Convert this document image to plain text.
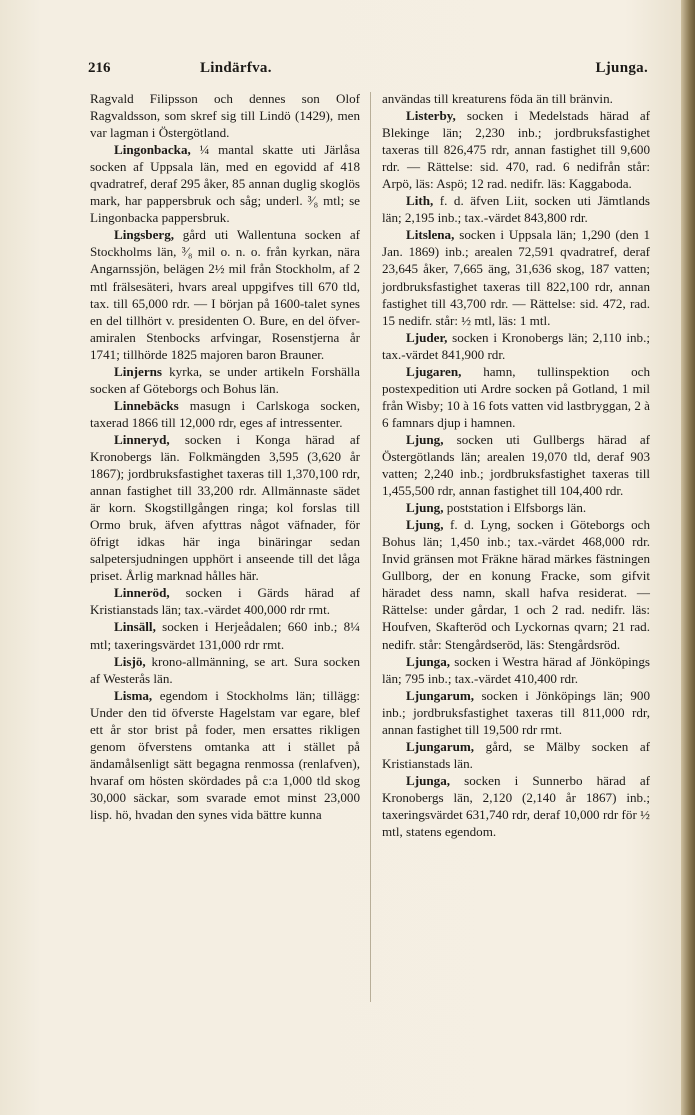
216	Lindärfva.	Ljunga.

Ragvald Filipsson och dennes son Olof Ragvaldsson, som skref sig till Lindö (1429), men var lagman i Östergötland.

Lingonbacka, ¼ mantal skatte uti Järlåsa socken af Uppsala län, med en egovidd af 418 qvadratref, deraf 295 åker, 85 annan duglig skoglös mark, har pappersbruk och såg; underl. ³⁄₈ mtl; se Lingonbacka pappersbruk.

Lingsberg, gård uti Wallentuna socken af Stockholms län, ³⁄₈ mil o. n. o. från kyrkan, nära Angarnssjön, belägen 2½ mil från Stockholm, af 2 mtl frälsesäteri, hvars areal uppgifves till 670 tld, tax. till 65,000 rdr. — I början på 1600-talet synes en del tillhört v. presidenten O. Bure, en del öfver-amiralen Stenbocks arfvingar, Rosenstjerna år 1741; tillhörde 1825 majoren baron Brauner.

Linjerns kyrka, se under artikeln Forshälla socken af Göteborgs och Bohus län.

Linnebäcks masugn i Carlskoga socken, taxerad 1866 till 12,000 rdr, eges af intressenter.

Linneryd, socken i Konga härad af Kronobergs län. Folkmängden 3,595 (3,620 år 1867); jordbruksfastighet taxeras till 1,370,100 rdr, annan fastighet till 33,200 rdr. Allmännaste sädet är korn. Skogstillgången ringa; kol forslas till Ormo bruk, äfven afyttras något väfnader, för öfrigt idkas här inga binäringar sedan salpetersjudningen upphört i anseende till det låga priset. Årlig marknad hålles här.

Linneröd, socken i Gärds härad af Kristianstads län; tax.-värdet 400,000 rdr rmt.

Linsäll, socken i Herjeådalen; 660 inb.; 8¼ mtl; taxeringsvärdet 131,000 rdr rmt.

Lisjö, krono-allmänning, se art. Sura socken af Westerås län.

Lisma, egendom i Stockholms län; tillägg: Under den tid öfverste Hagelstam var egare, blef ett år stor brist på foder, men ersattes rikligen genom öfverstens omtanka att i stället på ändamålsenligt sätt begagna renmossa (renlafven), hvaraf om hösten skördades på c:a 1,000 tld skog 30,000 säckar, som svarade emot minst 23,000 lisp. hö, hvadan den synes vida bättre kunna

användas till kreaturens föda än till bränvin.

Listerby, socken i Medelstads härad af Blekinge län; 2,230 inb.; jordbruksfastighet taxeras till 826,475 rdr, annan fastighet till 9,600 rdr. — Rättelse: sid. 470, rad. 6 nedifrån står: Arpö, läs: Aspö; 12 rad. nedifr. läs: Kaggaboda.

Lith, f. d. äfven Liit, socken uti Jämtlands län; 2,195 inb.; tax.-värdet 843,800 rdr.

Litslena, socken i Uppsala län; 1,290 (den 1 Jan. 1869) inb.; arealen 72,591 qvadratref, deraf 23,645 åker, 7,665 äng, 31,636 skog, 187 vatten; jordbruksfastighet taxeras till 822,100 rdr, annan fastighet till 43,700 rdr. — Rättelse: sid. 472, rad. 15 nedifr. står: ½ mtl, läs: 1 mtl.

Ljuder, socken i Kronobergs län; 2,110 inb.; tax.-värdet 841,900 rdr.

Ljugaren, hamn, tullinspektion och postexpedition uti Ardre socken på Gotland, 1 mil från Wisby; 10 à 16 fots vatten vid lastbryggan, 2 à 6 famnars djup i hamnen.

Ljung, socken uti Gullbergs härad af Östergötlands län; arealen 19,070 tld, deraf 903 vatten; 2,240 inb.; jordbruksfastighet taxeras till 1,455,500 rdr, annan fastighet till 104,400 rdr.

Ljung, poststation i Elfsborgs län.

Ljung, f. d. Lyng, socken i Göteborgs och Bohus län; 1,450 inb.; tax.-värdet 468,000 rdr. Invid gränsen mot Fräkne härad märkes fästningen Gullborg, der en konung Fracke, som gifvit häradet dess namn, skall hafva residerat. — Rättelse: under gårdar, 1 och 2 rad. nedifr. läs: Houfven, Skafteröd och Lyckornas qvarn; 21 rad. nedifr. står: Stengårdseröd, läs: Stengårdsröd.

Ljunga, socken i Westra härad af Jönköpings län; 795 inb.; tax.-värdet 410,400 rdr.

Ljungarum, socken i Jönköpings län; 900 inb.; jordbruksfastighet taxeras till 811,000 rdr, annan fastighet till 19,500 rdr rmt.

Ljungarum, gård, se Mälby socken af Kristianstads län.

Ljunga, socken i Sunnerbo härad af Kronobergs län, 2,120 (2,140 år 1867) inb.; taxeringsvärdet 631,740 rdr, deraf 10,000 rdr för ½ mtl, statens egendom.
